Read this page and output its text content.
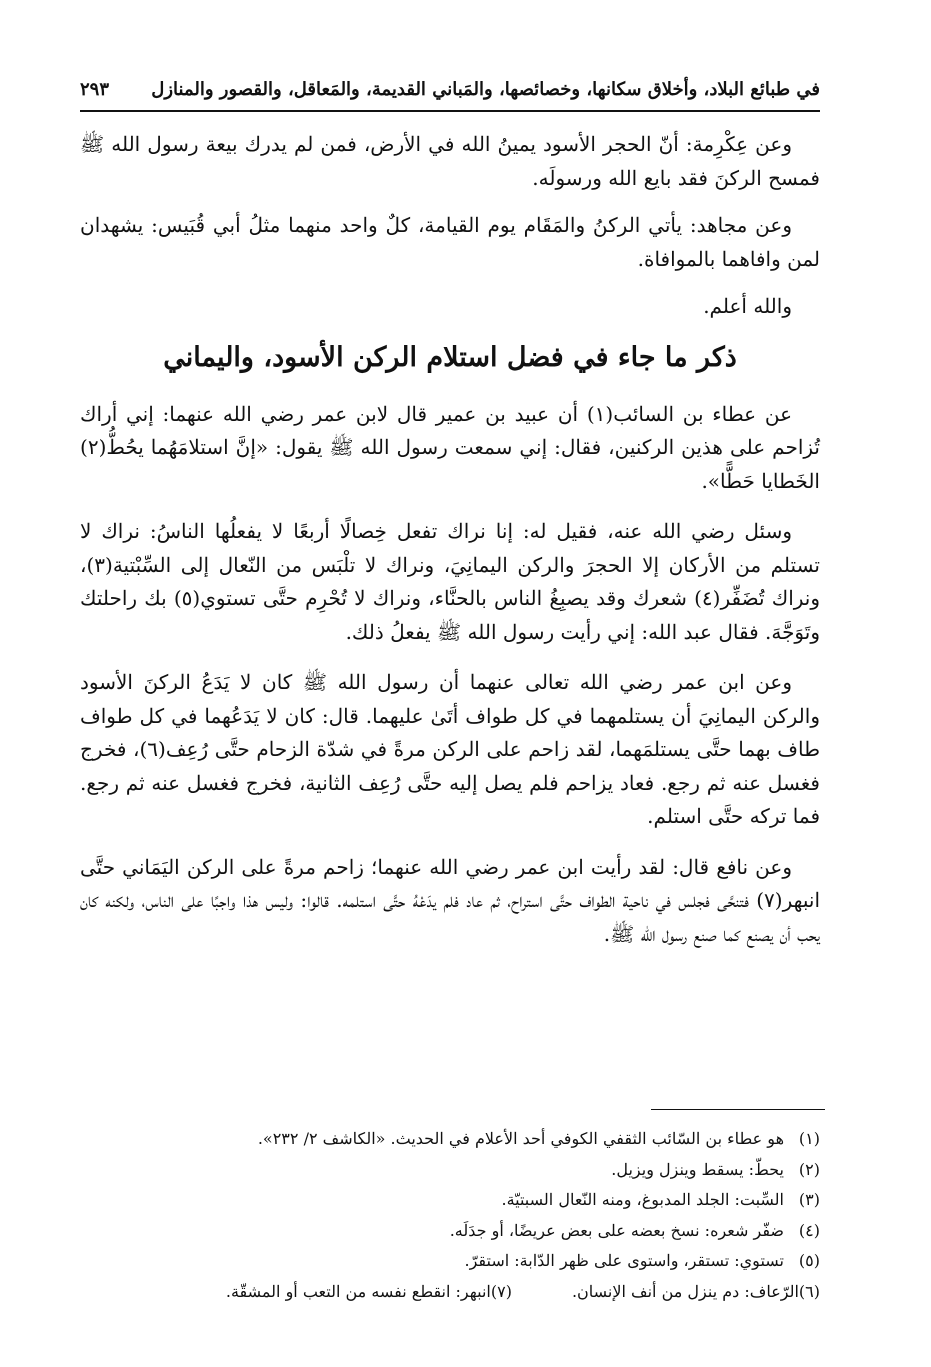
في طبائع البلاد، وأخلاق سكانها، وخصائصها، والمَباني القديمة، والمَعاقل، والقصور والمنازل
٢٩٣

وعن عِكْرِمة: أنّ الحجر الأسود يمينُ الله في الأرض، فمن لم يدرك بيعة رسول الله ﷺ فمسح الركنَ فقد بايع الله ورسولَه.

وعن مجاهد: يأتي الركنُ والمَقَام يوم القيامة، كلٌ واحد منهما مثلُ أبي قُبَيس: يشهدان لمن وافاهما بالموافاة.

والله أعلم.

ذكر ما جاء في فضل استلام الركن الأسود، واليماني

عن عطاء بن السائب(١) أن عبيد بن عمير قال لابن عمر رضي الله عنهما: إني أراك تُزاحم على هذين الركنين، فقال: إني سمعت رسول الله ﷺ يقول: «إنَّ استلامَهُما يحُطُّ(٢) الخَطايا حَطًّا».

وسئل رضي الله عنه، فقيل له: إنا نراك تفعل خِصالًا أربعًا لا يفعلُها الناسُ: نراك لا تستلم من الأركان إلا الحجرَ والركن اليمانِيَ، ونراك لا تلْبَس من النّعال إلى السِّبْتية(٣)، ونراك تُضَفِّر(٤) شعرك وقد يصبِغُ الناس بالحنَّاء، ونراك لا تُحْرِم حتَّى تستوي(٥) بك راحلتك وتَوَجَّهَ. فقال عبد الله: إني رأيت رسول الله ﷺ يفعلُ ذلك.

وعن ابن عمر رضي الله تعالى عنهما أن رسول الله ﷺ كان لا يَدَعُ الركنَ الأسود والركن اليمانِيَ أن يستلمهما في كل طواف أتَىٰ عليهما. قال: كان لا يَدَعُهما في كل طواف طاف بهما حتَّى يستلمَهما، لقد زاحم على الركن مرةً في شدّة الزحام حتَّى رُعِف(٦)، فخرج فغسل عنه ثم رجع. فعاد يزاحم فلم يصل إليه حتَّى رُعِف الثانية، فخرج فغسل عنه ثم رجع. فما تركه حتَّى استلم.

وعن نافع قال: لقد رأيت ابن عمر رضي الله عنهما؛ زاحم مرةً على الركن اليَمَاني حتَّى انبهر(٧) فتنحَّى فجلس في ناحية الطواف حتَّى استراح، ثم عاد فلم يدَعْهُ حتَّى استلمه. قالوا: وليس هذا واجبًا على الناس، ولكنه كان يحب أن يصنع كما صنع رسول الله ﷺ.

(١)
هو عطاء بن السّائب الثقفي الكوفي أحد الأعلام في الحديث. «الكاشف ٢/ ٢٣٢».
(٢)
يحطّ: يسقط وينزل ويزيل.
(٣)
السِّبت: الجلد المدبوغ، ومنه النّعال السبتيّة.
(٤)
ضفّر شعره: نسخ بعضه على بعض عريضًا، أو جدَلَه.
(٥)
تستوي: تستقر، واستوى على ظهر الدّابة: استقرّ.
(٦)
الرّعاف: دم ينزل من أنف الإنسان.
(٧)
انبهر: انقطع نفسه من التعب أو المشقّة.
